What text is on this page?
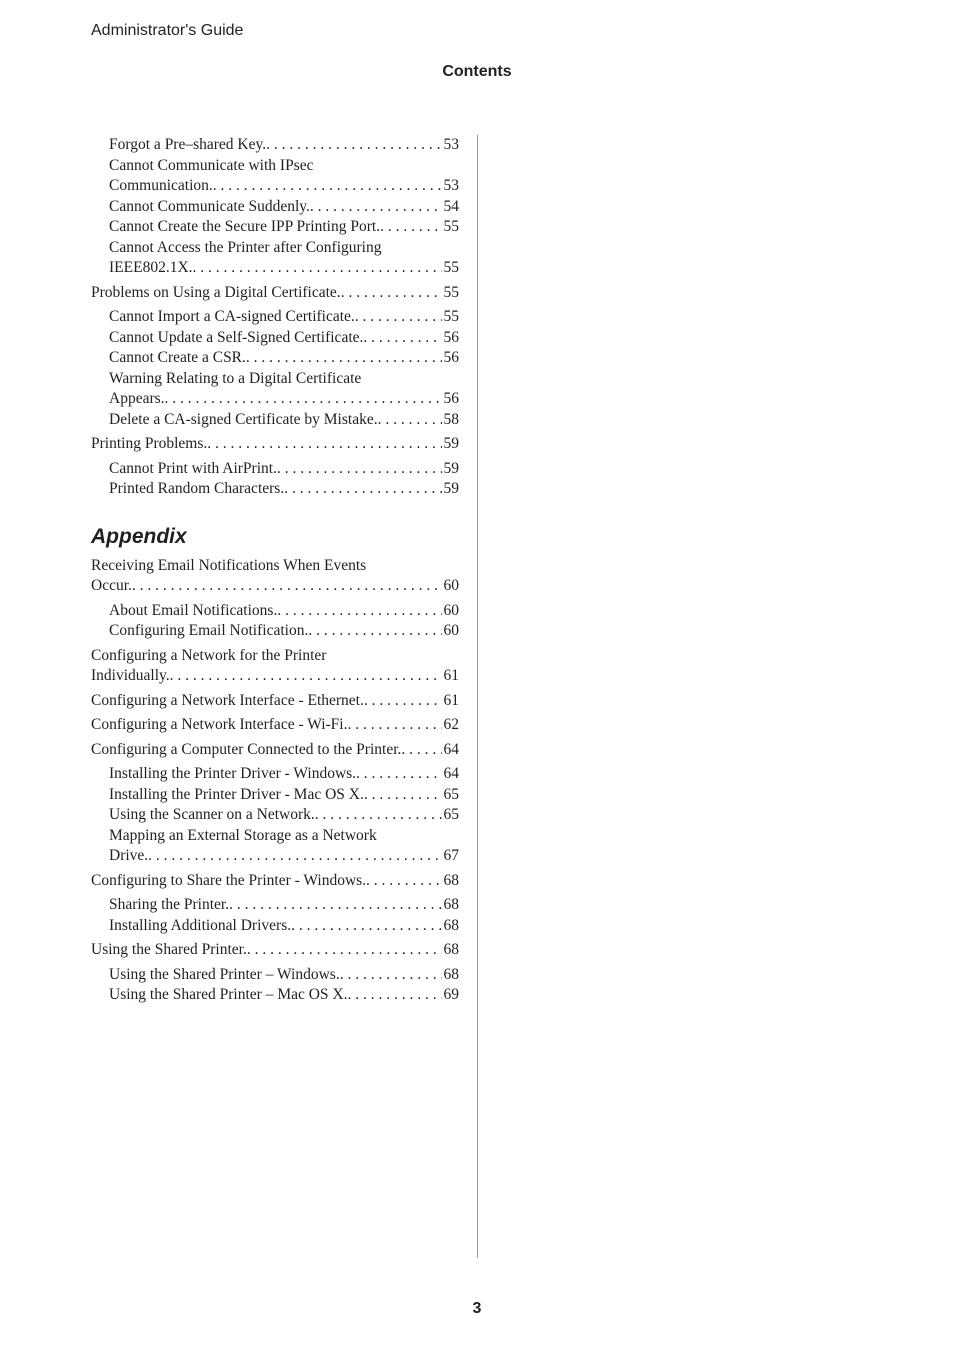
Administrator's Guide
Contents
Forgot a Pre–shared Key. . . .	53
Cannot Communicate with IPsec
Communication. . . .	53
Cannot Communicate Suddenly. . . .	54
Cannot Create the Secure IPP Printing Port. . . .	55
Cannot Access the Printer after Configuring
IEEE802.1X. . . .	55
Problems on Using a Digital Certificate. . . .	55
Cannot Import a CA-signed Certificate. . . .	55
Cannot Update a Self-Signed Certificate. . . .	56
Cannot Create a CSR. . . .	56
Warning Relating to a Digital Certificate
Appears. . . .	56
Delete a CA-signed Certificate by Mistake. . . .	58
Printing Problems. . . .	59
Cannot Print with AirPrint. . . .	59
Printed Random Characters. . . .	59
Appendix
Receiving Email Notifications When Events
Occur. . . .	60
About Email Notifications. . . .	60
Configuring Email Notification. . . .	60
Configuring a Network for the Printer
Individually. . . .	61
Configuring a Network Interface - Ethernet. . . .	61
Configuring a Network Interface - Wi-Fi. . . .	62
Configuring a Computer Connected to the Printer. . . .	64
Installing the Printer Driver - Windows. . . .	64
Installing the Printer Driver - Mac OS X. . . .	65
Using the Scanner on a Network. . . .	65
Mapping an External Storage as a Network
Drive. . . .	67
Configuring to Share the Printer - Windows. . . .	68
Sharing the Printer. . . .	68
Installing Additional Drivers. . . .	68
Using the Shared Printer. . . .	68
Using the Shared Printer – Windows. . . .	68
Using the Shared Printer – Mac OS X. . . .	69
3
